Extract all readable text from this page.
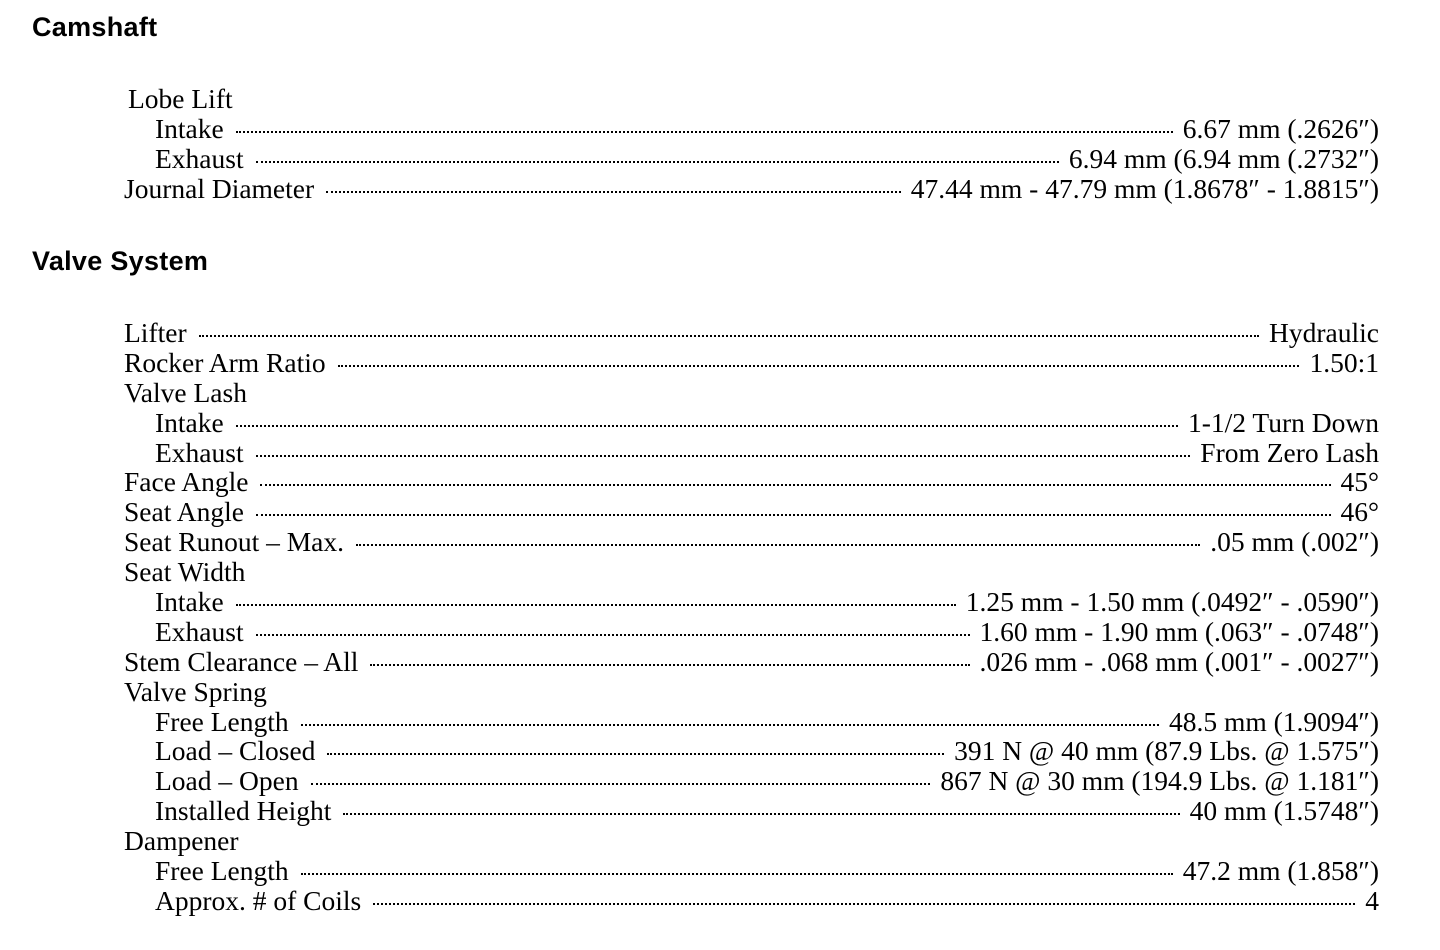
Camshaft
Lobe Lift
Intake	6.67 mm (.2626″)
Exhaust	6.94 mm (6.94 mm (.2732″)
Journal Diameter	47.44 mm - 47.79 mm (1.8678″ - 1.8815″)
Valve System
Lifter	Hydraulic
Rocker Arm Ratio	1.50:1
Valve Lash
Intake	1-1/2 Turn Down
Exhaust	From Zero Lash
Face Angle	45°
Seat Angle	46°
Seat Runout – Max.	.05 mm (.002″)
Seat Width
Intake	1.25 mm - 1.50 mm (.0492″ - .0590″)
Exhaust	1.60 mm - 1.90 mm (.063″ - .0748″)
Stem Clearance – All	.026 mm - .068 mm (.001″ - .0027″)
Valve Spring
Free Length	48.5 mm (1.9094″)
Load – Closed	391 N @ 40 mm (87.9 Lbs. @ 1.575″)
Load – Open	867 N @ 30 mm (194.9 Lbs. @ 1.181″)
Installed Height	40 mm (1.5748″)
Dampener
Free Length	47.2 mm (1.858″)
Approx. # of Coils	4
